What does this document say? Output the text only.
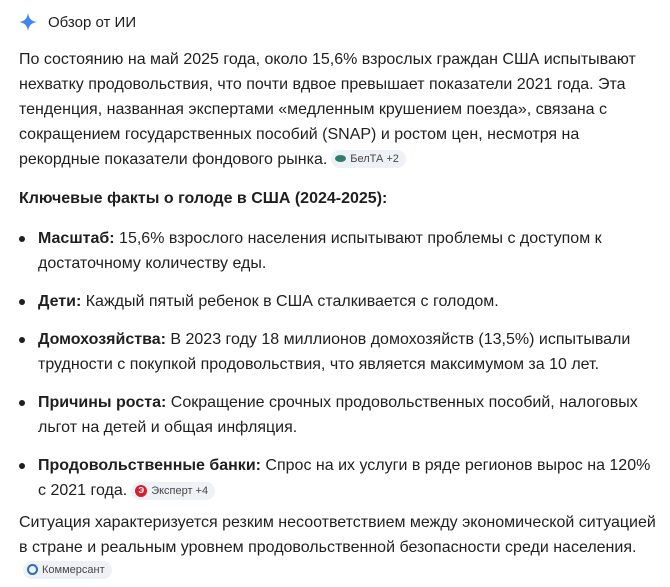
Обзор от ИИ

По состоянию на май 2025 года, около 15,6% взрослых граждан США испытывают нехватку продовольствия, что почти вдвое превышает показатели 2021 года. Эта тенденция, названная экспертами «медленным крушением поезда», связана с сокращением государственных пособий (SNAP) и ростом цен, несмотря на рекордные показатели фондового рынка. БелТА +2

Ключевые факты о голоде в США (2024-2025):
Масштаб: 15,6% взрослого населения испытывают проблемы с доступом к достаточному количеству еды.
Дети: Каждый пятый ребенок в США сталкивается с голодом.
Домохозяйства: В 2023 году 18 миллионов домохозяйств (13,5%) испытывали трудности с покупкой продовольствия, что является максимумом за 10 лет.
Причины роста: Сокращение срочных продовольственных пособий, налоговых льгот на детей и общая инфляция.
Продовольственные банки: Спрос на их услуги в ряде регионов вырос на 120% с 2021 года.	Э Эксперт +4

Ситуация характеризуется резким несоответствием между экономической ситуацией в стране и реальным уровнем продовольственной безопасности среди населения.
Коммерсант
